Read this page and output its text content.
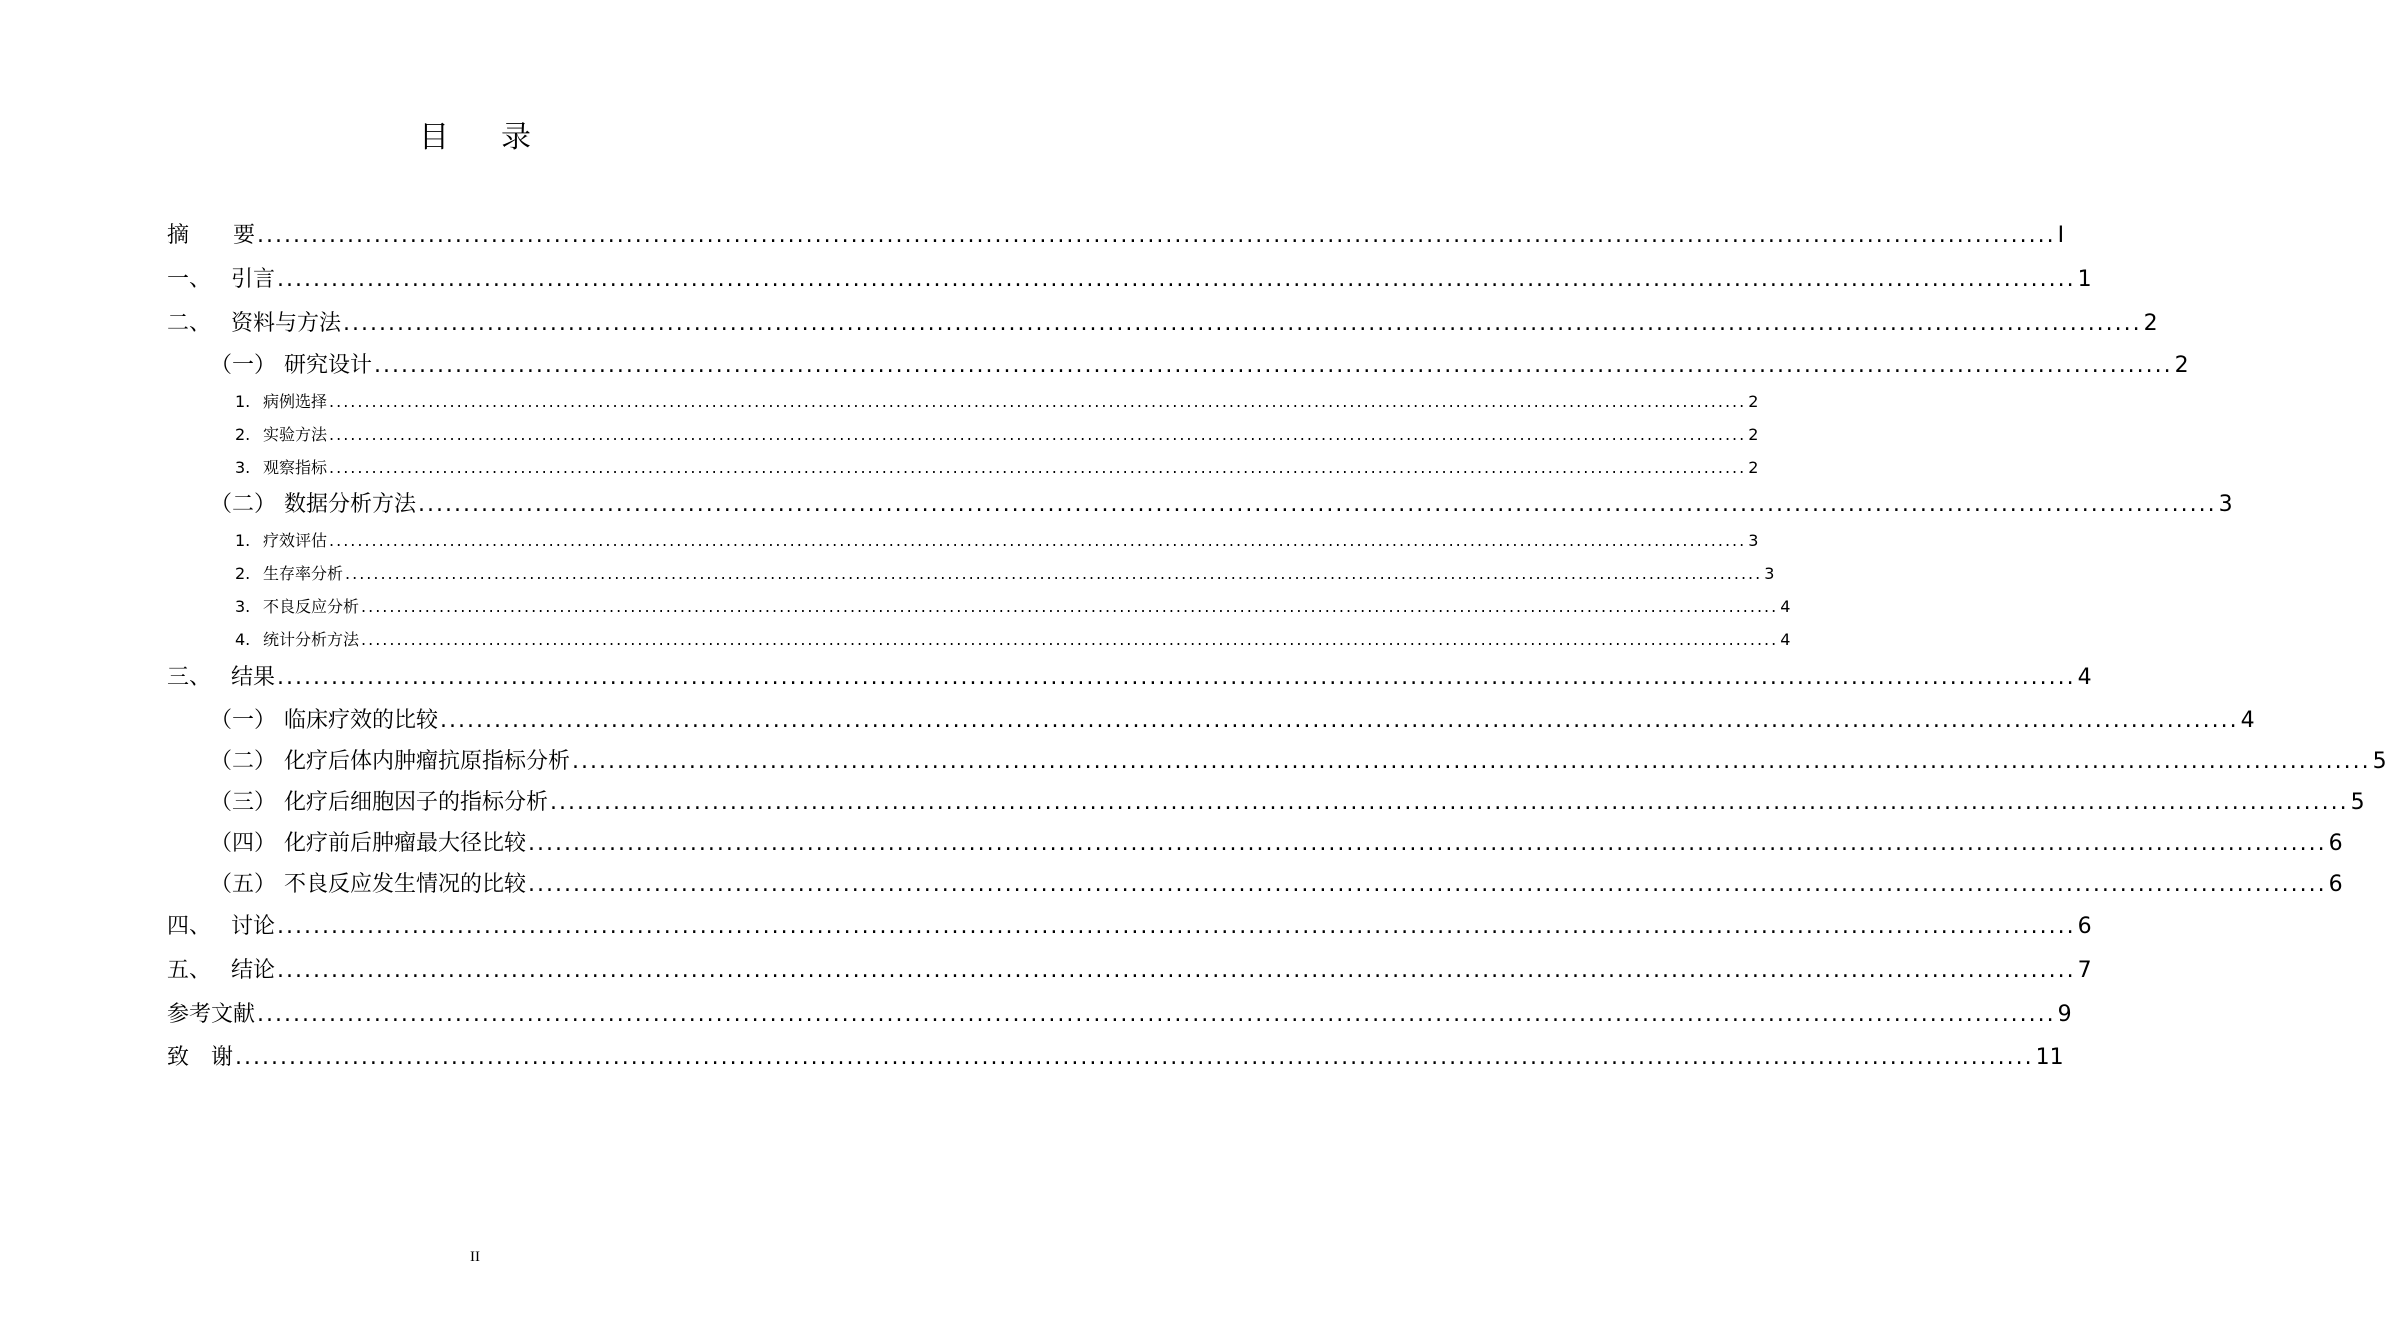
目录
摘　　要 ........................................................................................................................................................................................................ I
一、 引言 ........................................................................................................................................................................................................ 1
二、 资料与方法 ........................................................................................................................................................................................................ 2
（一） 研究设计 ........................................................................................................................................................................................................ 2
1. 病例选择 ........................................................................................................................................................................................................ 2
2. 实验方法 ........................................................................................................................................................................................................ 2
3. 观察指标 ........................................................................................................................................................................................................ 2
（二） 数据分析方法 ........................................................................................................................................................................................................ 3
1. 疗效评估 ........................................................................................................................................................................................................ 3
2. 生存率分析 ........................................................................................................................................................................................................ 3
3. 不良反应分析 ........................................................................................................................................................................................................ 4
4. 统计分析方法 ........................................................................................................................................................................................................ 4
三、 结果 ........................................................................................................................................................................................................ 4
（一） 临床疗效的比较 ........................................................................................................................................................................................................ 4
（二） 化疗后体内肿瘤抗原指标分析 ........................................................................................................................................................................................................ 5
（三） 化疗后细胞因子的指标分析 ........................................................................................................................................................................................................ 5
（四） 化疗前后肿瘤最大径比较 ........................................................................................................................................................................................................ 6
（五） 不良反应发生情况的比较 ........................................................................................................................................................................................................ 6
四、 讨论 ........................................................................................................................................................................................................ 6
五、 结论 ........................................................................................................................................................................................................ 7
参考文献 ........................................................................................................................................................................................................ 9
致　谢 ........................................................................................................................................................................................................ 11
II
